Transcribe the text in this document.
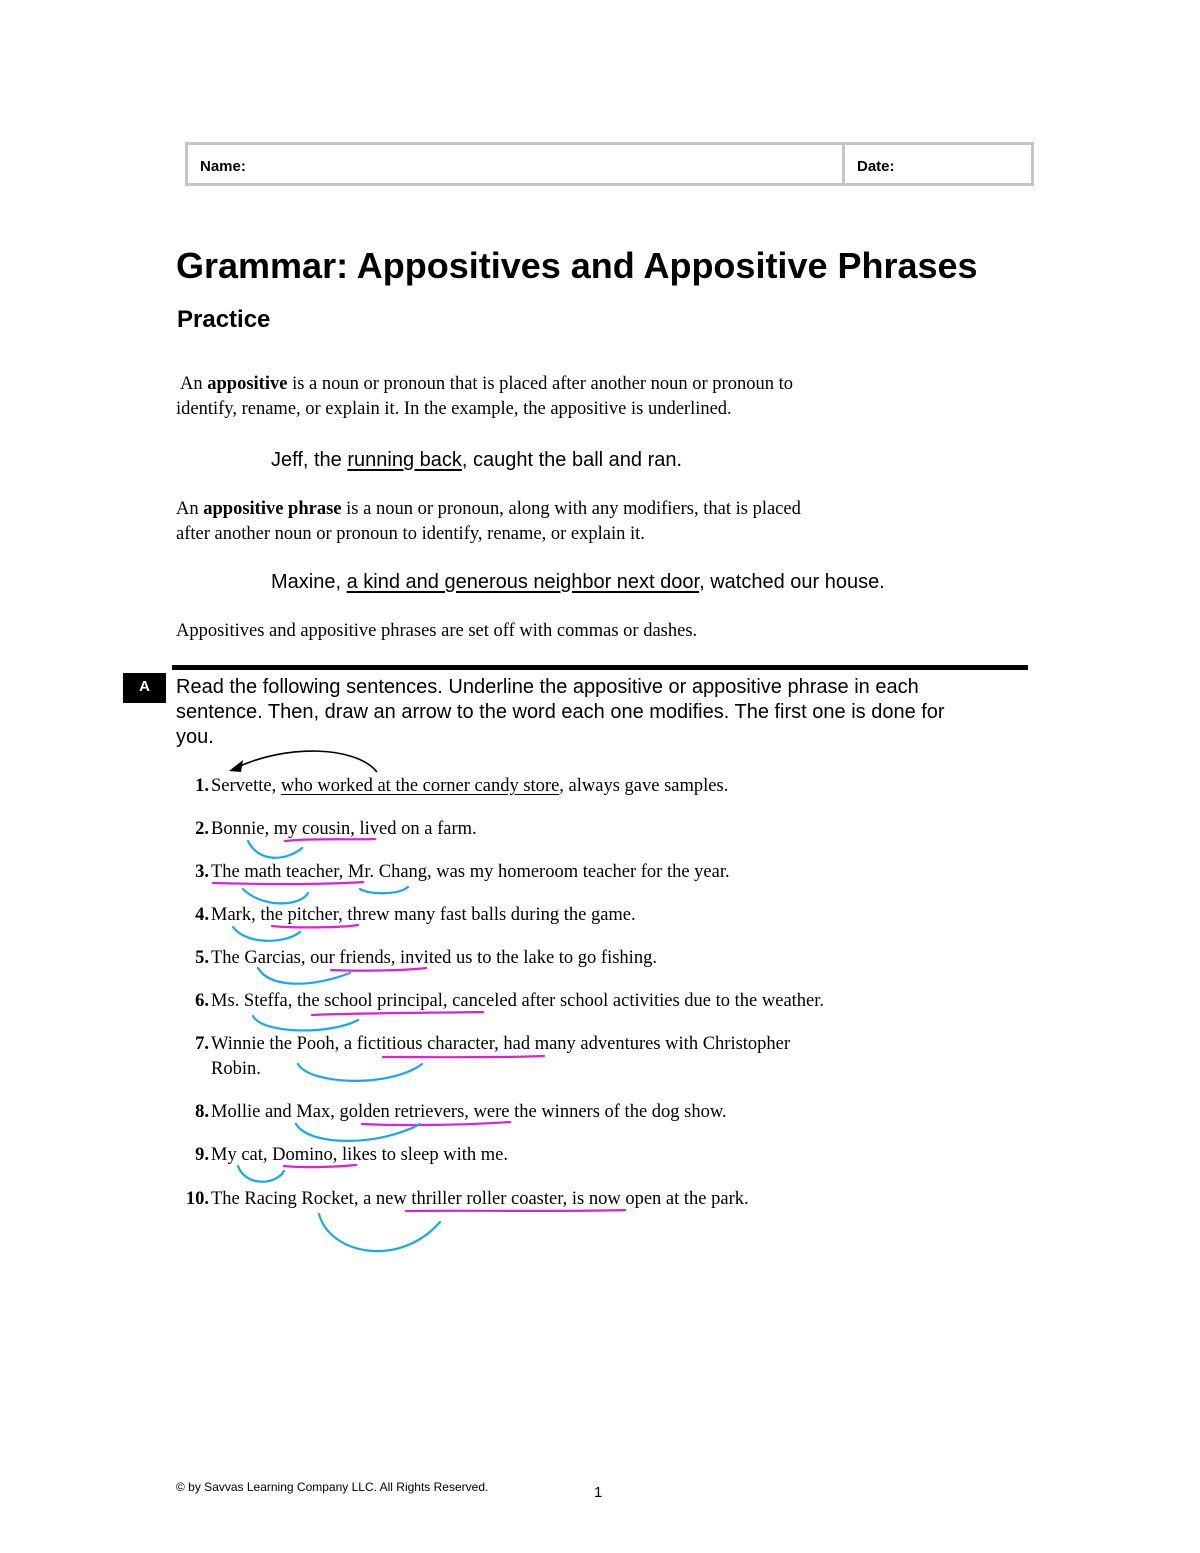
Name:	Date:
Grammar: Appositives and Appositive Phrases
Practice
An appositive is a noun or pronoun that is placed after another noun or pronoun to
identify, rename, or explain it. In the example, the appositive is underlined.
Jeff, the running back, caught the ball and ran.
An appositive phrase is a noun or pronoun, along with any modifiers, that is placed
after another noun or pronoun to identify, rename, or explain it.
Maxine, a kind and generous neighbor next door, watched our house.
Appositives and appositive phrases are set off with commas or dashes.
A	Read the following sentences. Underline the appositive or appositive phrase in each
sentence. Then, draw an arrow to the word each one modifies. The first one is done for
you.
1. Servette, who worked at the corner candy store, always gave samples.
2. Bonnie, my cousin, lived on a farm.
3. The math teacher, Mr. Chang, was my homeroom teacher for the year.
4. Mark, the pitcher, threw many fast balls during the game.
5. The Garcias, our friends, invited us to the lake to go fishing.
6. Ms. Steffa, the school principal, canceled after school activities due to the weather.
7. Winnie the Pooh, a fictitious character, had many adventures with Christopher
Robin.
8. Mollie and Max, golden retrievers, were the winners of the dog show.
9. My cat, Domino, likes to sleep with me.
10. The Racing Rocket, a new thriller roller coaster, is now open at the park.
© by Savvas Learning Company LLC. All Rights Reserved.	1
